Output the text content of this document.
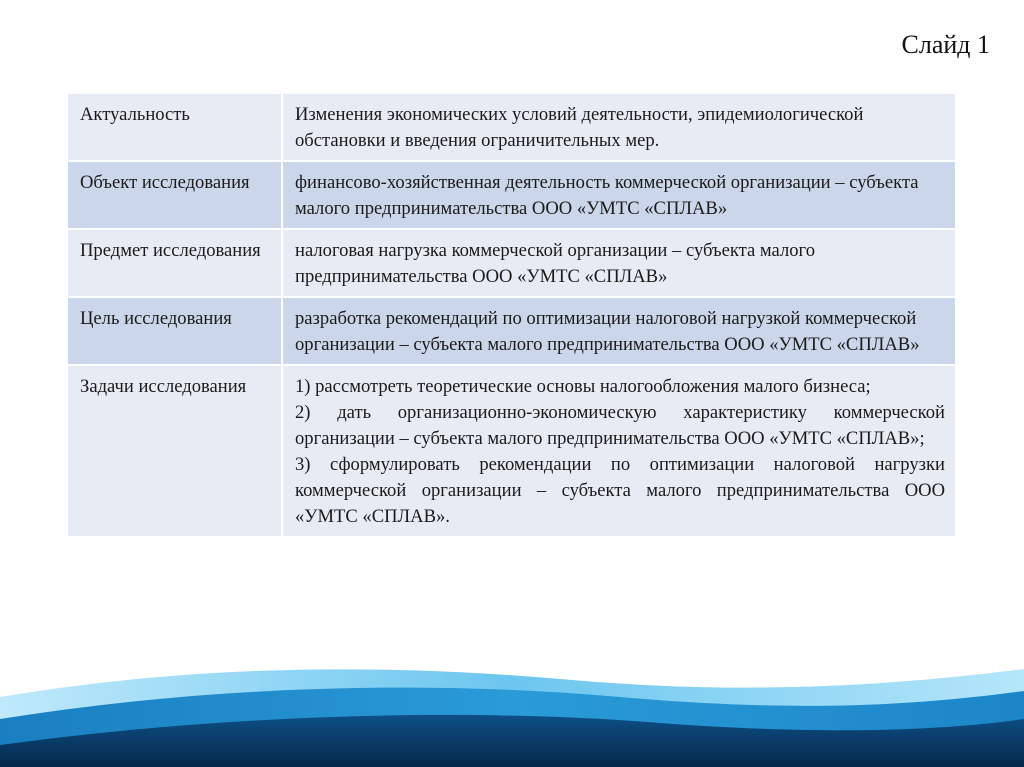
Слайд 1
Актуальность	Изменения экономических условий деятельности, эпидемиологической обстановки и введения ограничительных мер.
Объект исследования	финансово-хозяйственная деятельность коммерческой организации – субъекта малого предпринимательства ООО «УМТС «СПЛАВ»
Предмет исследования	налоговая нагрузка коммерческой организации – субъекта малого предпринимательства ООО «УМТС «СПЛАВ»
Цель исследования	разработка рекомендаций по оптимизации налоговой нагрузкой коммерческой организации – субъекта малого предпринимательства ООО «УМТС «СПЛАВ»
Задачи исследования	1) рассмотреть теоретические основы налогообложения малого бизнеса;
2) дать организационно-экономическую характеристику коммерческой организации – субъекта малого предпринимательства ООО «УМТС «СПЛАВ»;
3) сформулировать рекомендации по оптимизации налоговой нагрузки коммерческой организации – субъекта малого предпринимательства ООО «УМТС «СПЛАВ».
